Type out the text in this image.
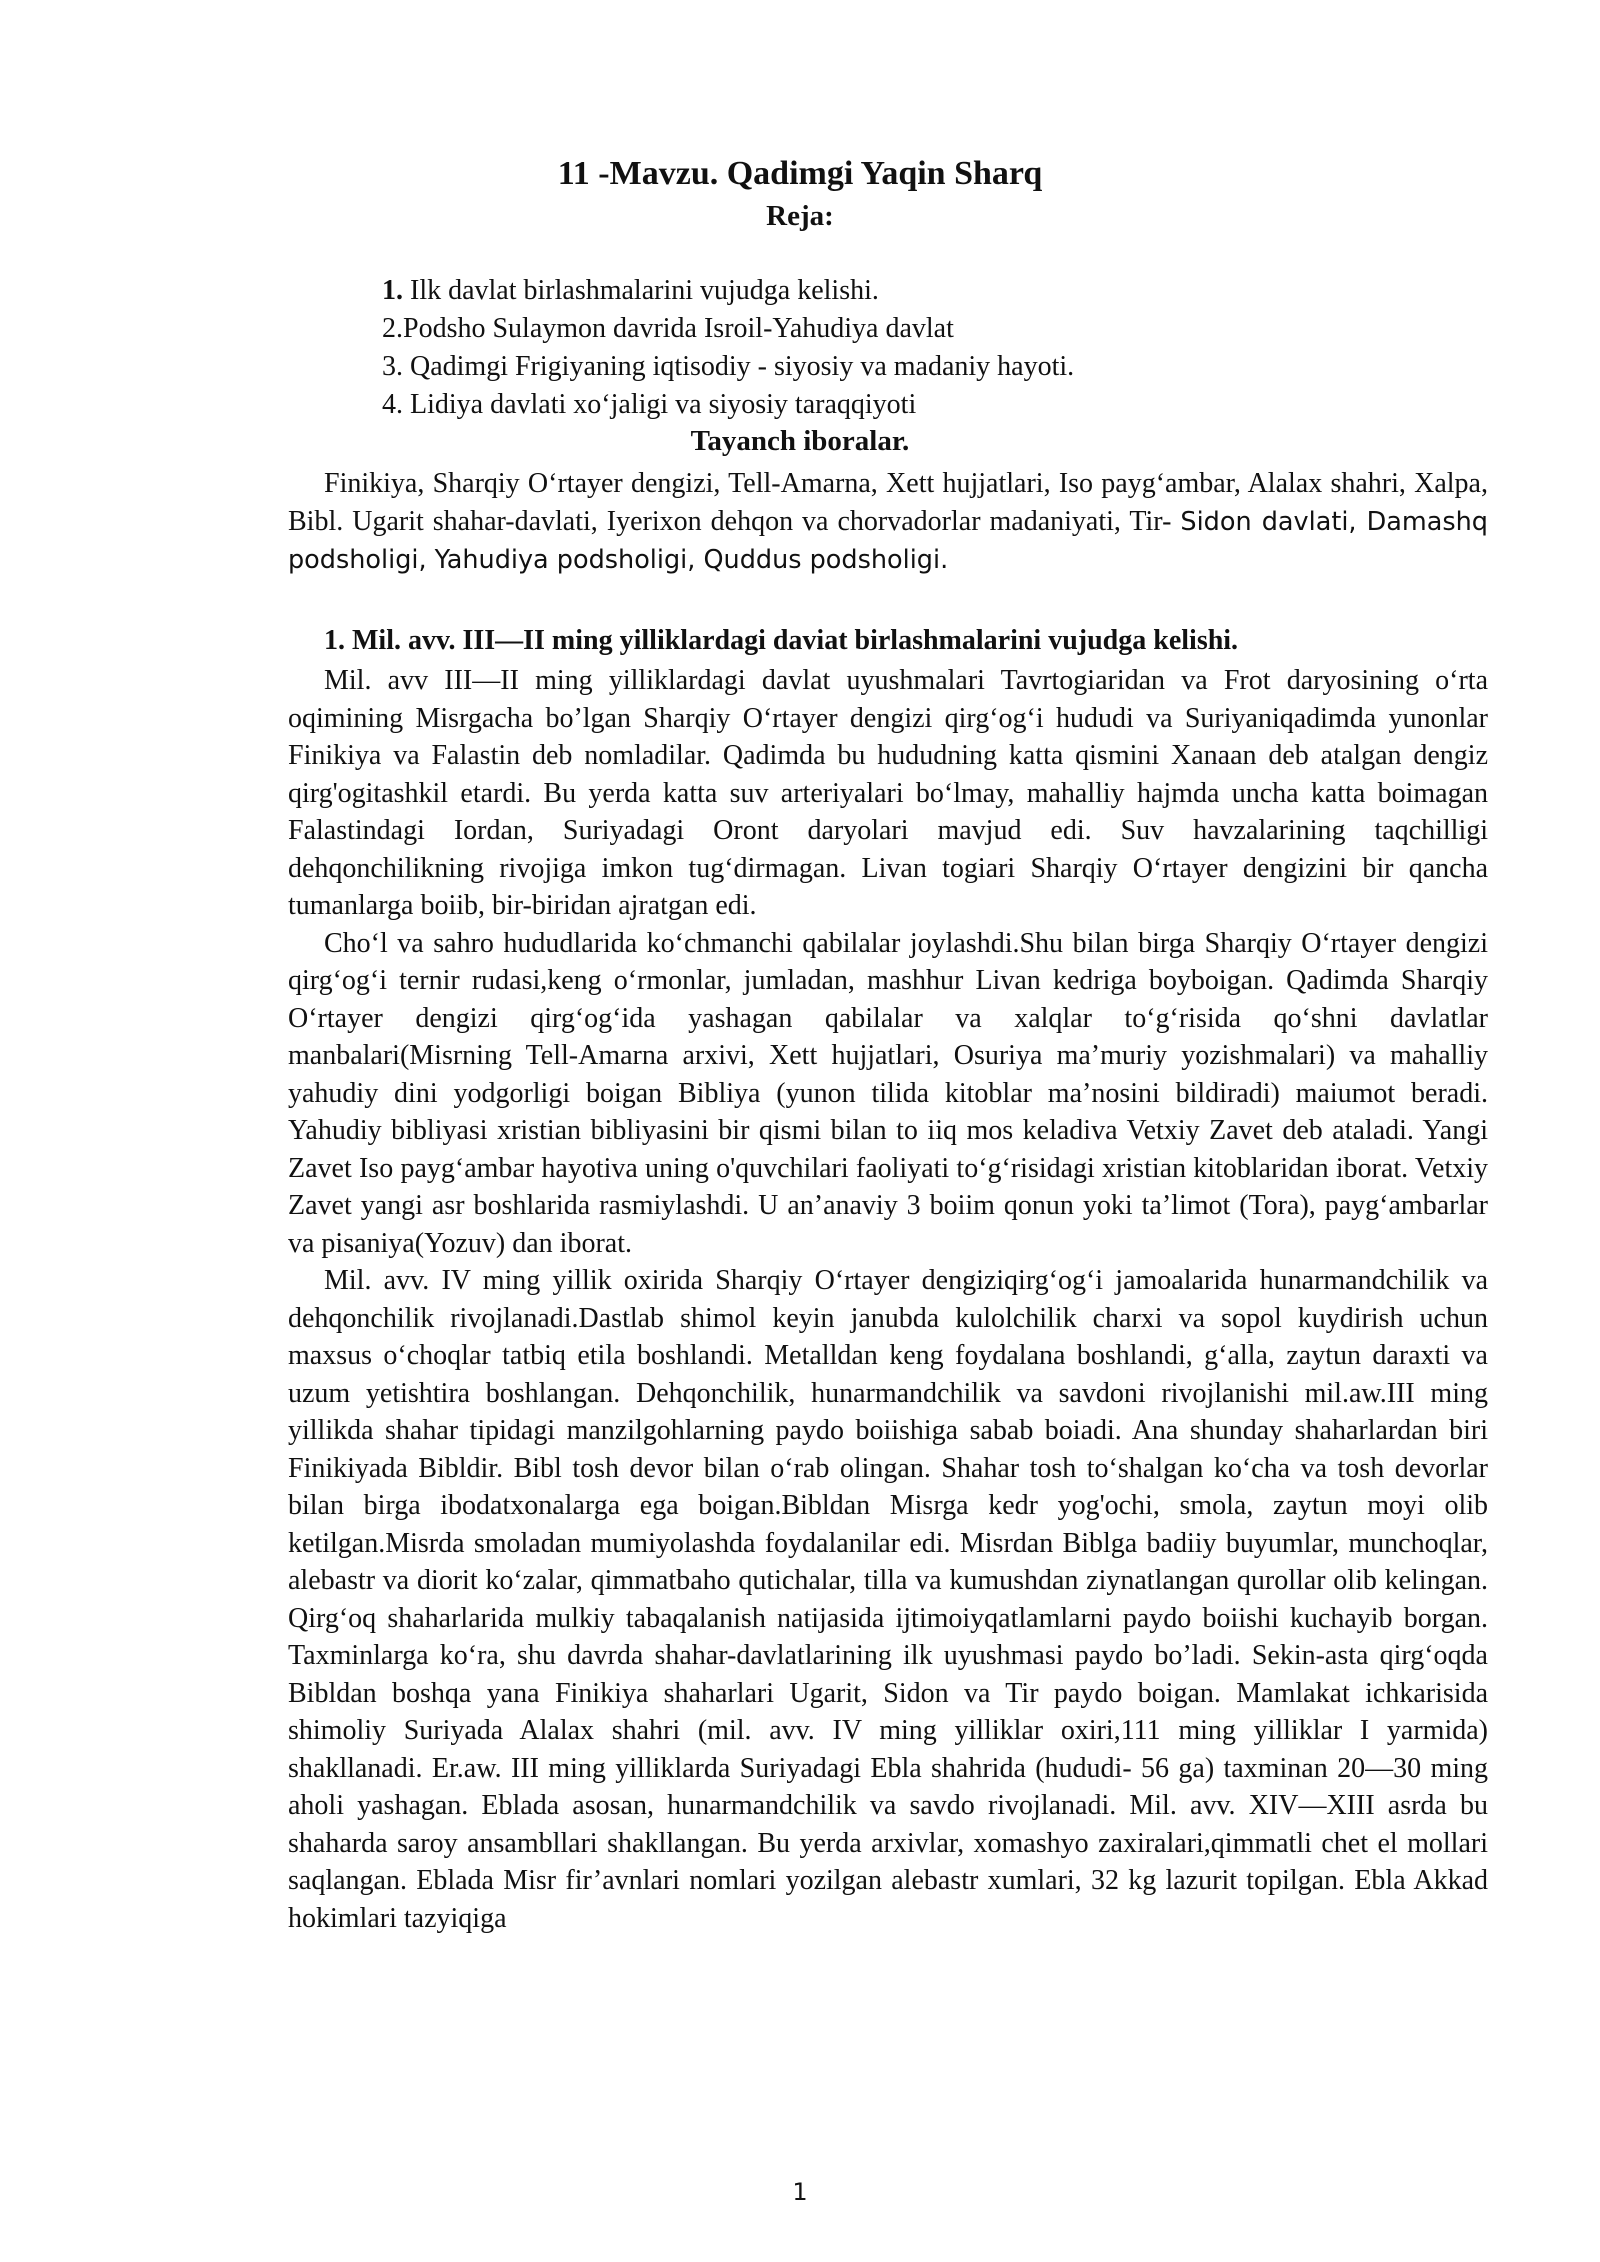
11 -Mavzu. Qadimgi Yaqin Sharq
Reja:
1. Ilk davlat birlashmalarini vujudga kelishi.
2.Podsho Sulaymon davrida Isroil-Yahudiya davlat
3. Qadimgi Frigiyaning iqtisodiy - siyosiy va madaniy hayoti.
4. Lidiya davlati xo‘jaligi va siyosiy taraqqiyoti
Tayanch iboralar.

Finikiya, Sharqiy O‘rtayer dengizi, Tell-Amarna, Xett hujjatlari, Iso payg‘ambar, Alalax shahri, Xalpa, Bibl. Ugarit shahar-davlati, Iyerixon dehqon va chorvadorlar madaniyati, Tir- Sidon davlati, Damashq podsholigi, Yahudiya podsholigi, Quddus podsholigi.

1. Mil. avv. III—II ming yilliklardagi daviat birlashmalarini vujudga kelishi.

Mil. avv III—II ming yilliklardagi davlat uyushmalari Tavrtogiaridan va Frot daryosining o‘rta oqimining Misrgacha bo’lgan Sharqiy O‘rtayer dengizi qirg‘og‘i hududi va Suriyaniqadimda yunonlar Finikiya va Falastin deb nomladilar. Qadimda bu hududning katta qismini Xanaan deb atalgan dengiz qirg'ogitashkil etardi. Bu yerda katta suv arteriyalari bo‘lmay, mahalliy hajmda uncha katta boimagan Falastindagi Iordan, Suriyadagi Oront daryolari mavjud edi. Suv havzalarining taqchilligi dehqonchilikning rivojiga imkon tug‘dirmagan. Livan togiari Sharqiy O‘rtayer dengizini bir qancha tumanlarga boiib, bir-biridan ajratgan edi.

Cho‘l va sahro hududlarida ko‘chmanchi qabilalar joylashdi.Shu bilan birga Sharqiy O‘rtayer dengizi qirg‘og‘i ternir rudasi,keng o‘rmonlar, jumladan, mashhur Livan kedriga boyboigan. Qadimda Sharqiy O‘rtayer dengizi qirg‘og‘ida yashagan qabilalar va xalqlar to‘g‘risida qo‘shni davlatlar manbalari(Misrning Tell-Amarna arxivi, Xett hujjatlari, Osuriya ma’muriy yozishmalari) va mahalliy yahudiy dini yodgorligi boigan Bibliya (yunon tilida kitoblar ma’nosini bildiradi) maiumot beradi. Yahudiy bibliyasi xristian bibliyasini bir qismi bilan to iiq mos keladiva Vetxiy Zavet deb ataladi. Yangi Zavet Iso payg‘ambar hayotiva uning o'quvchilari faoliyati to‘g‘risidagi xristian kitoblaridan iborat. Vetxiy Zavet yangi asr boshlarida rasmiylashdi. U an’anaviy 3 boiim qonun yoki ta’limot (Tora), payg‘ambarlar va pisaniya(Yozuv) dan iborat.

Mil. avv. IV ming yillik oxirida Sharqiy O‘rtayer dengiziqirg‘og‘i jamoalarida hunarmandchilik va dehqonchilik rivojlanadi.Dastlab shimol keyin janubda kulolchilik charxi va sopol kuydirish uchun maxsus o‘choqlar tatbiq etila boshlandi. Metalldan keng foydalana boshlandi, g‘alla, zaytun daraxti va uzum yetishtira boshlangan. Dehqonchilik, hunarmandchilik va savdoni rivojlanishi mil.aw.III ming yillikda shahar tipidagi manzilgohlarning paydo boiishiga sabab boiadi. Ana shunday shaharlardan biri Finikiyada Bibldir. Bibl tosh devor bilan o‘rab olingan. Shahar tosh to‘shalgan ko‘cha va tosh devorlar bilan birga ibodatxonalarga ega boigan.Bibldan Misrga kedr yog'ochi, smola, zaytun moyi olib ketilgan.Misrda smoladan mumiyolashda foydalanilar edi. Misrdan Biblga badiiy buyumlar, munchoqlar, alebastr va diorit ko‘zalar, qimmatbaho qutichalar, tilla va kumushdan ziynatlangan qurollar olib kelingan. Qirg‘oq shaharlarida mulkiy tabaqalanish natijasida ijtimoiyqatlamlarni paydo boiishi kuchayib borgan. Taxminlarga ko‘ra, shu davrda shahar-davlatlarining ilk uyushmasi paydo bo’ladi. Sekin-asta qirg‘oqda Bibldan boshqa yana Finikiya shaharlari Ugarit, Sidon va Tir paydo boigan. Mamlakat ichkarisida shimoliy Suriyada Alalax shahri (mil. avv. IV ming yilliklar oxiri,111 ming yilliklar I yarmida) shakllanadi. Er.aw. III ming yilliklarda Suriyadagi Ebla shahrida (hududi- 56 ga) taxminan 20—30 ming aholi yashagan. Eblada asosan, hunarmandchilik va savdo rivojlanadi. Mil. avv. XIV—XIII asrda bu shaharda saroy ansambllari shakllangan. Bu yerda arxivlar, xomashyo zaxiralari,qimmatli chet el mollari saqlangan. Eblada Misr fir’avnlari nomlari yozilgan alebastr xumlari, 32 kg lazurit topilgan. Ebla Akkad hokimlari tazyiqiga

1
